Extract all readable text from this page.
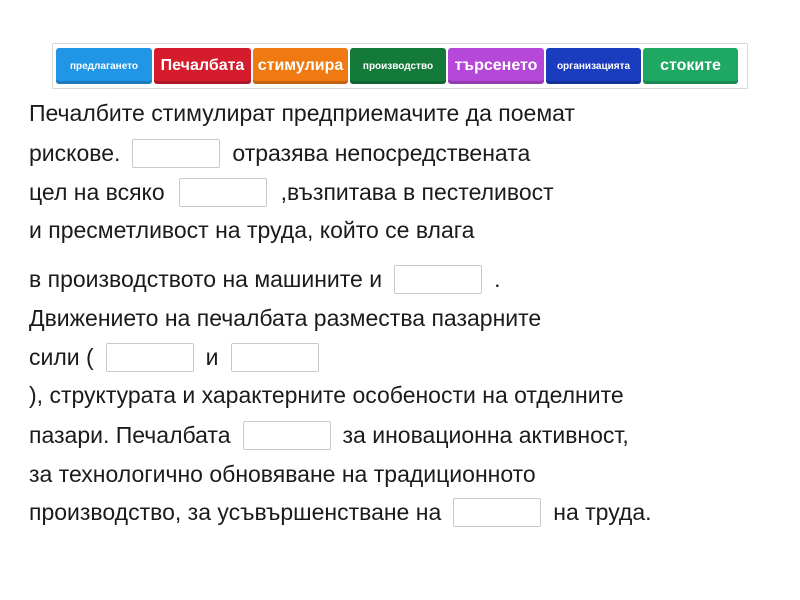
предлагането	Печалбата стимулира	производство	търсенето	организацията	стоките
Печалбите стимулират предприемачите да поемат
рискове.	отразява непосредствената
цел на всяко	,възпитава в пестеливост
и пресметливост на труда, който се влага
в производството на машините и	.
Движението на печалбата размества пазарните
сили (	и
), структурата и характерните особености на отделните
пазари. Печалбата	за иновационна активност,
за технологично обновяване на традиционното
производство, за усъвършенстване на	на труда.
